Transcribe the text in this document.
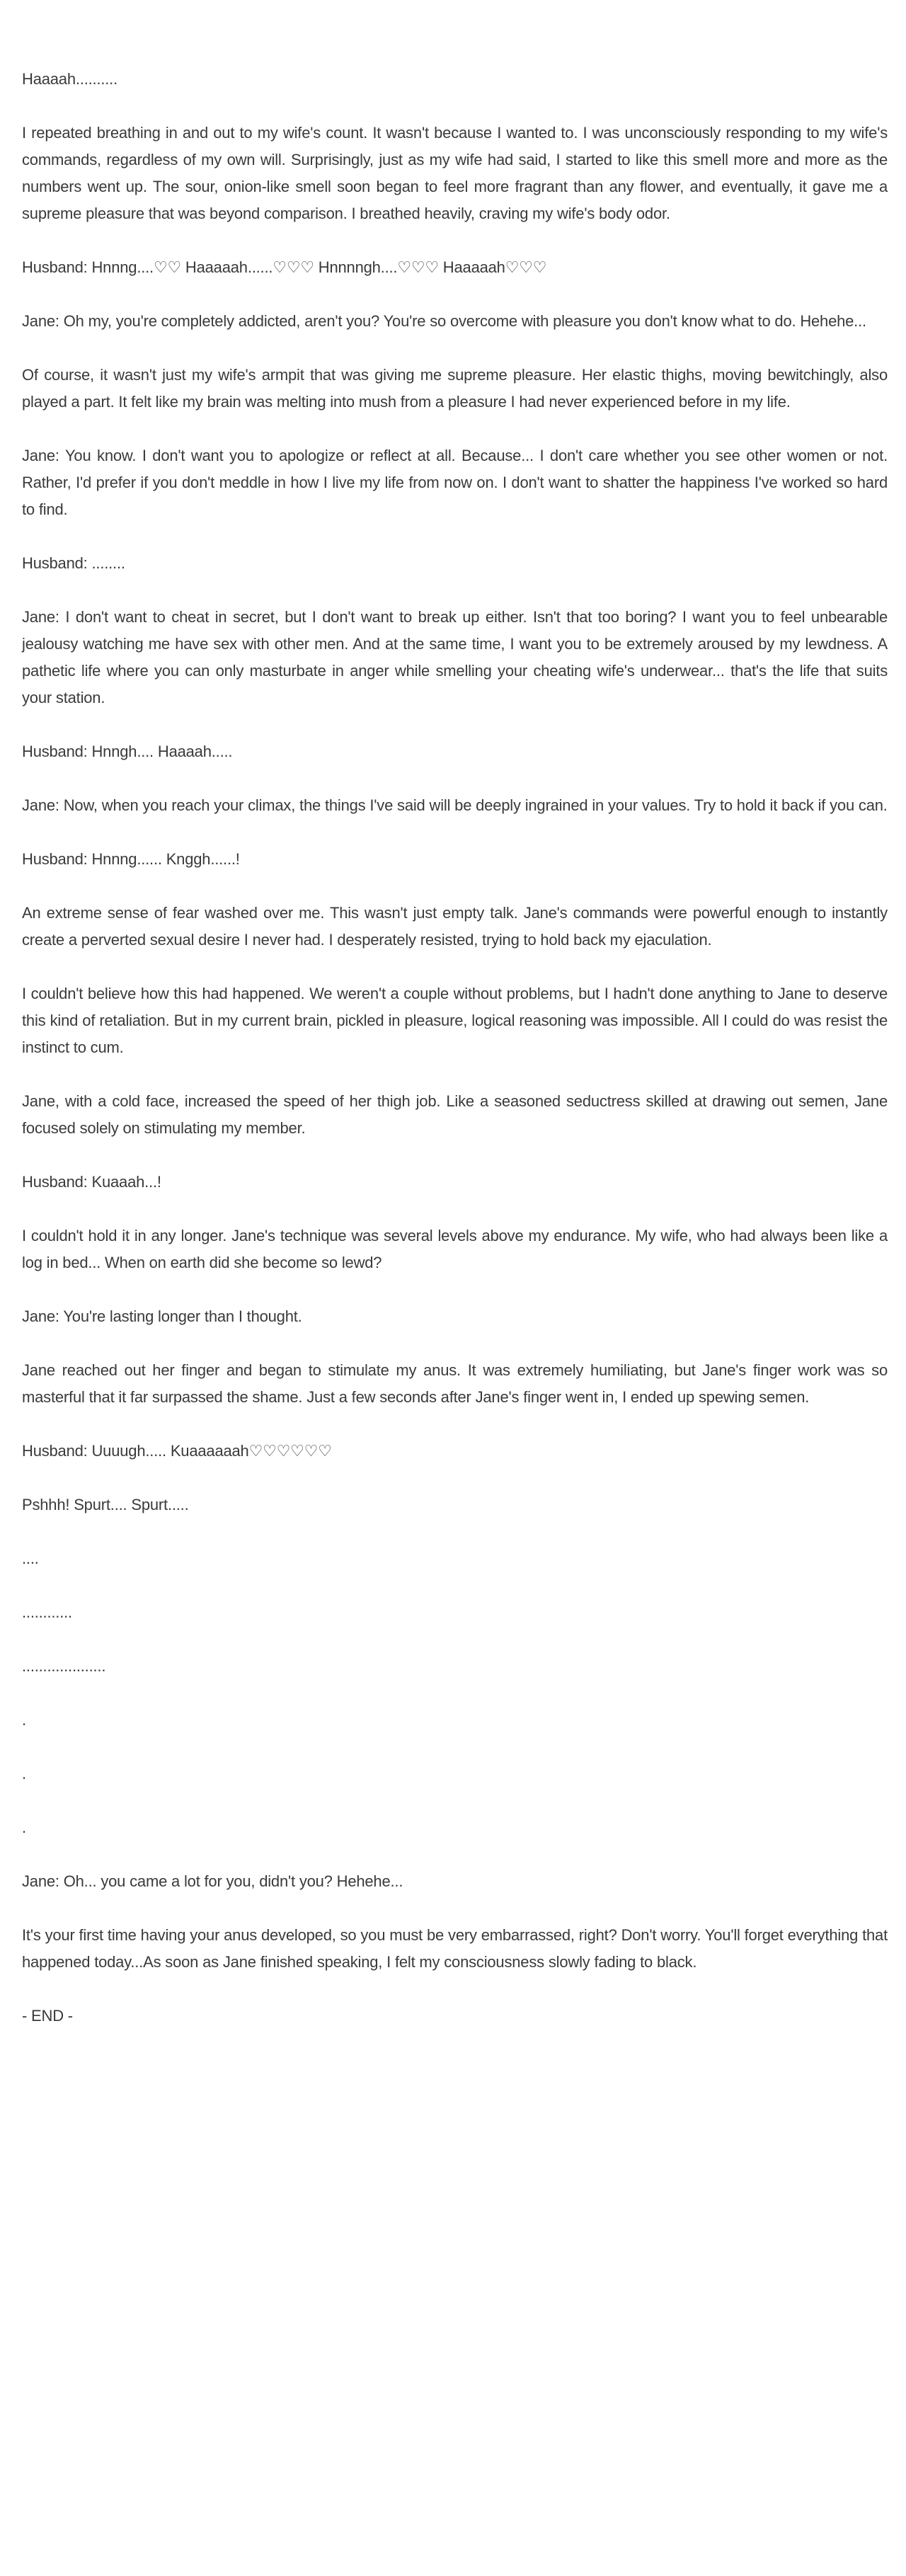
Haaaah..........

I repeated breathing in and out to my wife's count. It wasn't because I wanted to. I was unconsciously responding to my wife's commands, regardless of my own will. Surprisingly, just as my wife had said, I started to like this smell more and more as the numbers went up. The sour, onion-like smell soon began to feel more fragrant than any flower, and eventually, it gave me a supreme pleasure that was beyond comparison. I breathed heavily, craving my wife's body odor.

Husband: Hnnng....♡♡ Haaaaah......♡♡♡ Hnnnngh....♡♡♡ Haaaaah♡♡♡

Jane: Oh my, you're completely addicted, aren't you? You're so overcome with pleasure you don't know what to do. Hehehe...

Of course, it wasn't just my wife's armpit that was giving me supreme pleasure. Her elastic thighs, moving bewitchingly, also played a part. It felt like my brain was melting into mush from a pleasure I had never experienced before in my life.

Jane: You know. I don't want you to apologize or reflect at all. Because... I don't care whether you see other women or not. Rather, I'd prefer if you don't meddle in how I live my life from now on. I don't want to shatter the happiness I've worked so hard to find.

Husband: ........

Jane: I don't want to cheat in secret, but I don't want to break up either. Isn't that too boring? I want you to feel unbearable jealousy watching me have sex with other men. And at the same time, I want you to be extremely aroused by my lewdness. A pathetic life where you can only masturbate in anger while smelling your cheating wife's underwear... that's the life that suits your station.

Husband: Hnngh.... Haaaah.....

Jane: Now, when you reach your climax, the things I've said will be deeply ingrained in your values. Try to hold it back if you can.

Husband: Hnnng...... Knggh......!

An extreme sense of fear washed over me. This wasn't just empty talk. Jane's commands were powerful enough to instantly create a perverted sexual desire I never had. I desperately resisted, trying to hold back my ejaculation.

I couldn't believe how this had happened. We weren't a couple without problems, but I hadn't done anything to Jane to deserve this kind of retaliation. But in my current brain, pickled in pleasure, logical reasoning was impossible. All I could do was resist the instinct to cum.

Jane, with a cold face, increased the speed of her thigh job. Like a seasoned seductress skilled at drawing out semen, Jane focused solely on stimulating my member.

Husband: Kuaaah...!

I couldn't hold it in any longer. Jane's technique was several levels above my endurance. My wife, who had always been like a log in bed... When on earth did she become so lewd?

Jane: You're lasting longer than I thought.

Jane reached out her finger and began to stimulate my anus. It was extremely humiliating, but Jane's finger work was so masterful that it far surpassed the shame. Just a few seconds after Jane's finger went in, I ended up spewing semen.

Husband: Uuuugh..... Kuaaaaaah♡♡♡♡♡♡

Pshhh! Spurt.... Spurt.....

....

............

....................

.

.

.

Jane: Oh... you came a lot for you, didn't you? Hehehe...

It's your first time having your anus developed, so you must be very embarrassed, right? Don't worry. You'll forget everything that happened today...As soon as Jane finished speaking, I felt my consciousness slowly fading to black.

- END -
